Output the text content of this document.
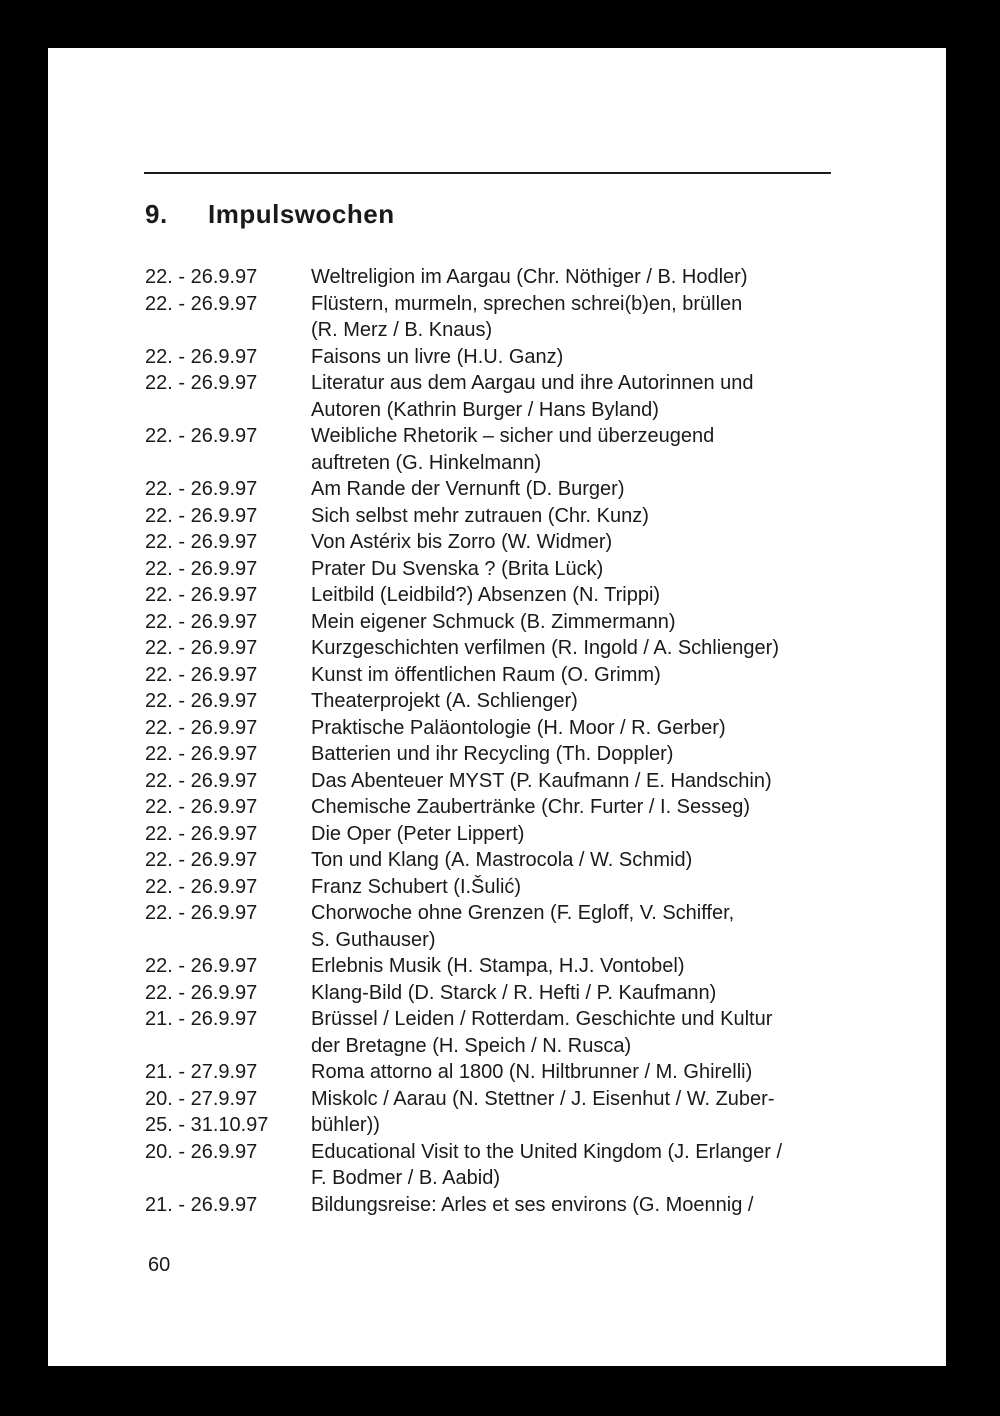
9. Impulswochen
22. - 26.9.97	Weltreligion im Aargau (Chr. Nöthiger / B. Hodler)
22. - 26.9.97	Flüstern, murmeln, sprechen schrei(b)en, brüllen
(R. Merz / B. Knaus)
22. - 26.9.97	Faisons un livre (H.U. Ganz)
22. - 26.9.97	Literatur aus dem Aargau und ihre Autorinnen und
Autoren (Kathrin Burger / Hans Byland)
22. - 26.9.97	Weibliche Rhetorik – sicher und überzeugend
auftreten (G. Hinkelmann)
22. - 26.9.97	Am Rande der Vernunft (D. Burger)
22. - 26.9.97	Sich selbst mehr zutrauen (Chr. Kunz)
22. - 26.9.97	Von Astérix bis Zorro (W. Widmer)
22. - 26.9.97	Prater Du Svenska ? (Brita Lück)
22. - 26.9.97	Leitbild (Leidbild?) Absenzen (N. Trippi)
22. - 26.9.97	Mein eigener Schmuck (B. Zimmermann)
22. - 26.9.97	Kurzgeschichten verfilmen (R. Ingold / A. Schlienger)
22. - 26.9.97	Kunst im öffentlichen Raum (O. Grimm)
22. - 26.9.97	Theaterprojekt (A. Schlienger)
22. - 26.9.97	Praktische Paläontologie (H. Moor / R. Gerber)
22. - 26.9.97	Batterien und ihr Recycling (Th. Doppler)
22. - 26.9.97	Das Abenteuer MYST (P. Kaufmann / E. Handschin)
22. - 26.9.97	Chemische Zaubertränke (Chr. Furter / I. Sesseg)
22. - 26.9.97	Die Oper (Peter Lippert)
22. - 26.9.97	Ton und Klang (A. Mastrocola / W. Schmid)
22. - 26.9.97	Franz Schubert (I.Šulić)
22. - 26.9.97	Chorwoche ohne Grenzen (F. Egloff, V. Schiffer,
S. Guthauser)
22. - 26.9.97	Erlebnis Musik (H. Stampa, H.J. Vontobel)
22. - 26.9.97	Klang-Bild (D. Starck / R. Hefti / P. Kaufmann)
21. - 26.9.97	Brüssel / Leiden / Rotterdam. Geschichte und Kultur
der Bretagne (H. Speich / N. Rusca)
21. - 27.9.97	Roma attorno al 1800 (N. Hiltbrunner / M. Ghirelli)
20. - 27.9.97	Miskolc / Aarau (N. Stettner / J. Eisenhut / W. Zuber-
25. - 31.10.97	bühler))
20. - 26.9.97	Educational Visit to the United Kingdom (J. Erlanger /
F. Bodmer / B. Aabid)
21. - 26.9.97	Bildungsreise: Arles et ses environs (G. Moennig /
60
